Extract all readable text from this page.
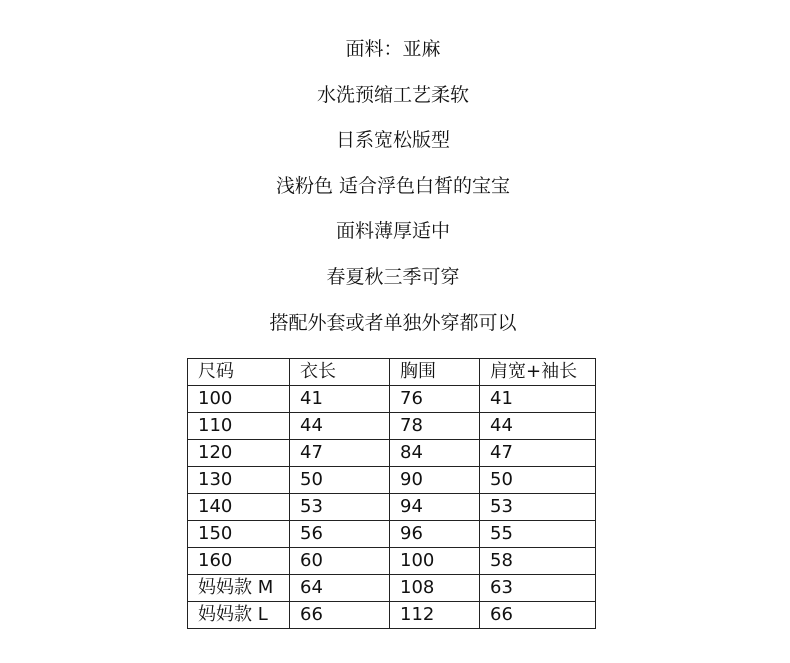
面料：亚麻
水洗预缩工艺柔软
日系宽松版型
浅粉色 适合浮色白皙的宝宝
面料薄厚适中
春夏秋三季可穿
搭配外套或者单独外穿都可以
尺码	衣长	胸围	肩宽+袖长
100	41	76	41
110	44	78	44
120	47	84	47
130	50	90	50
140	53	94	53
150	56	96	55
160	60	100	58
妈妈款 M	64	108	63
妈妈款 L	66	112	66
